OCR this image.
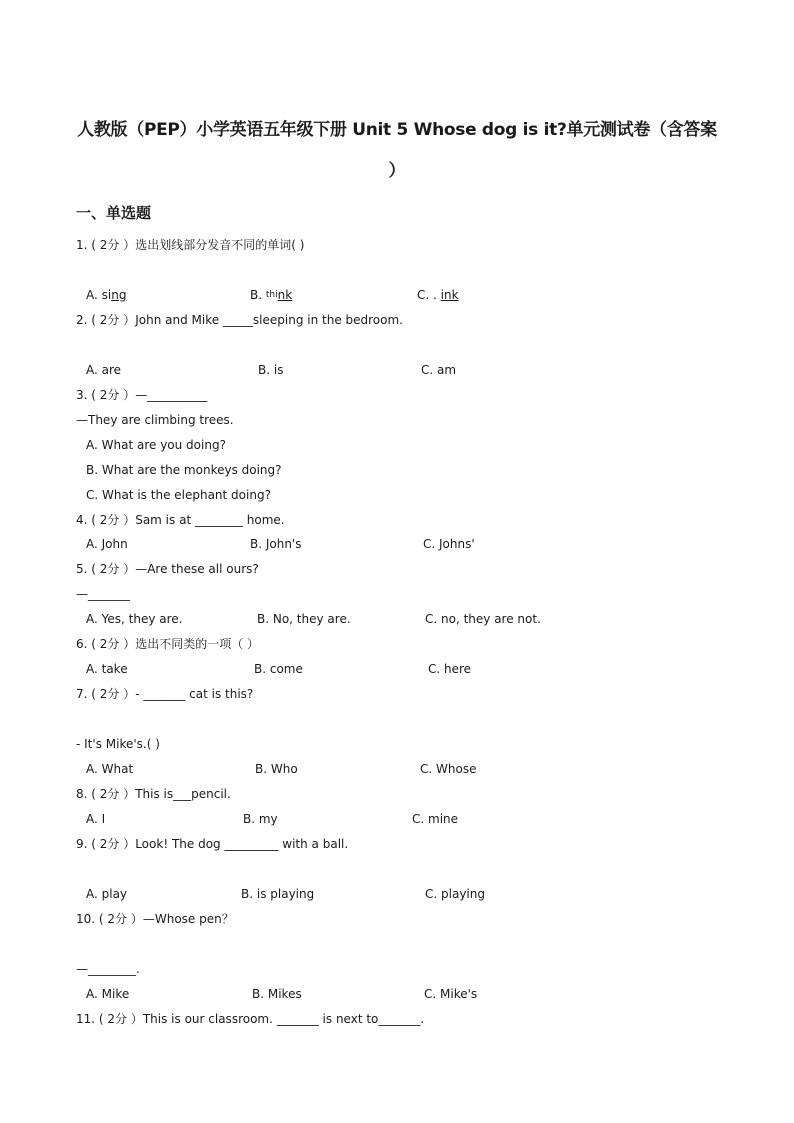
人教版（PEP）小学英语五年级下册 Unit 5 Whose dog is it?单元测试卷（含答案
）
一、单选题
1. ( 2分 ）选出划线部分发音不同的单词( )
A. sing	B. think	C. . ink
2. ( 2分 ）John and Mike _____sleeping in the bedroom.
A. are	B. is	C. am
3. ( 2分 ）—__________
—They are climbing trees.
A. What are you doing?
B. What are the monkeys doing?
C. What is the elephant doing?
4. ( 2分 ）Sam is at ________ home.
A. John	B. John's	C. Johns'
5. ( 2分 ）—Are these all ours?
—_______
A. Yes, they are.	B. No, they are.	C. no, they are not.
6. ( 2分 ）选出不同类的一项（ ）
A. take	B. come	C. here
7. ( 2分 ）- _______ cat is this?
- It's Mike's.( )
A. What	B. Who	C. Whose
8. ( 2分 ）This is___pencil.
A. I	B. my	C. mine
9. ( 2分 ）Look! The dog _________ with a ball.
A. play	B. is playing	C. playing
10. ( 2分 ）—Whose pen？
—________.
A. Mike	B. Mikes	C. Mike's
11. ( 2分 ）This is our classroom. _______ is next to_______.
